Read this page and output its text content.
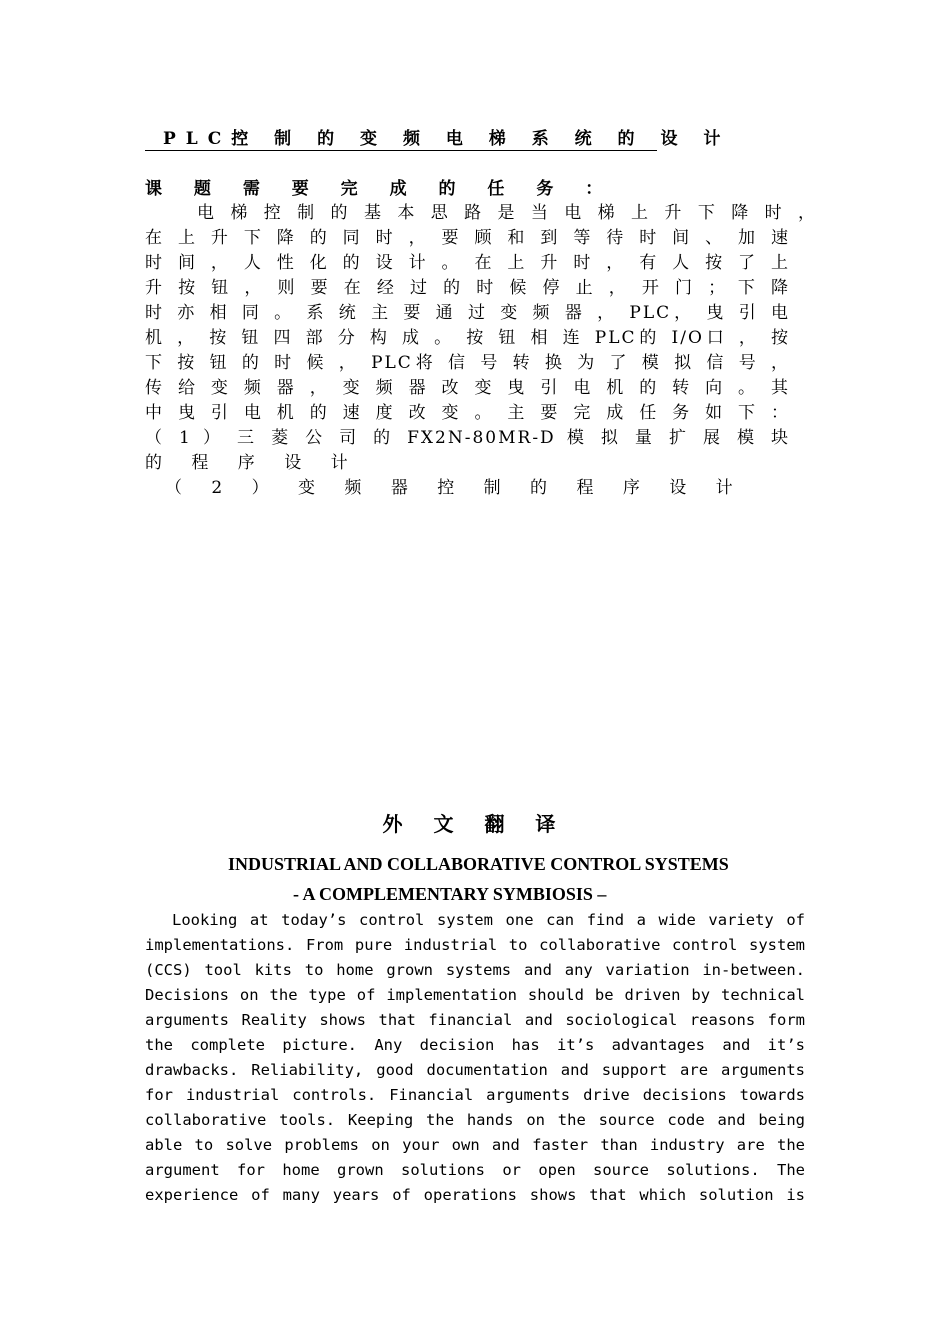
PLC控 制 的 变 频 电 梯 系 统 的 设 计
课 题 需 要 完 成 的 任 务 ：
电 梯 控 制 的 基 本 思 路 是 当 电 梯 上 升 下 降 时 ，
在 上 升 下 降 的 同 时 ， 要 顾 和 到 等 待 时 间 、 加 速
时 间 ， 人 性 化 的 设 计 。 在 上 升 时 ， 有 人 按 了 上
升 按 钮 ， 则 要 在 经 过 的 时 候 停 止 ， 开 门 ； 下 降
时 亦 相 同 。 系 统 主 要 通 过 变 频 器 ， PLC， 曳 引 电
机 ， 按 钮 四 部 分 构 成 。 按 钮 相 连 PLC的 I/O口 ， 按
下 按 钮 的 时 候 ， PLC将 信 号 转 换 为 了 模 拟 信 号 ，
传 给 变 频 器 ， 变 频 器 改 变 曳 引 电 机 的 转 向 。 其
中 曳 引 电 机 的 速 度 改 变 。 主 要 完 成 任 务 如 下 ：
（ 1 ） 三 菱 公 司 的 FX2N-80MR-D 模 拟 量 扩 展 模 块
的 程 序 设 计
（ 2 ） 变 频 器 控 制 的 程 序 设 计
外 文 翻 译
INDUSTRIAL AND COLLABORATIVE CONTROL SYSTEMS
- A COMPLEMENTARY SYMBIOSIS –
Looking at today’s control system one can find a wide variety of
implementations. From pure industrial to collaborative control system
(CCS) tool kits to home grown systems and any variation in-between.
Decisions on the type of implementation should be driven by technical
arguments Reality shows that financial and sociological reasons form
the complete picture. Any decision has it’s advantages and it’s
drawbacks. Reliability, good documentation and support are arguments
for industrial controls. Financial arguments drive decisions towards
collaborative tools. Keeping the hands on the source code and being
able to solve problems on your own and faster than industry are the
argument for home grown solutions or open source solutions. The
experience of many years of operations shows that which solution is
